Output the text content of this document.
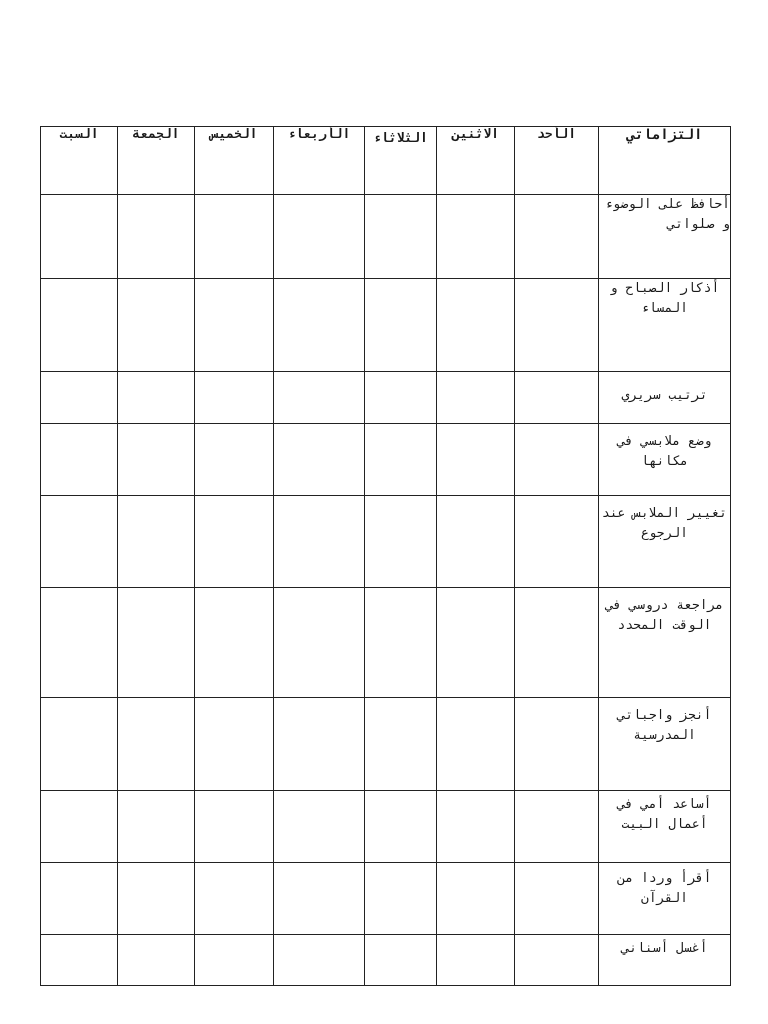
التزاماتي	الأحد	الاثنين	الثلاثاء	الأربعاء	الخميس	الجمعة	السبت
أحافظ على الوضوء و صلواتي							
أذكار الصباح و المساء							
ترتيب سريري							
وضع ملابسي في مكانها							
تغيير الملابس عند الرجوع							
مراجعة دروسي في الوقت المحدد							
أنجز واجباتي المدرسية							
أساعد أمي في أعمال البيت							
أقرأ وردا من القرآن							
أغسل أسناني							
